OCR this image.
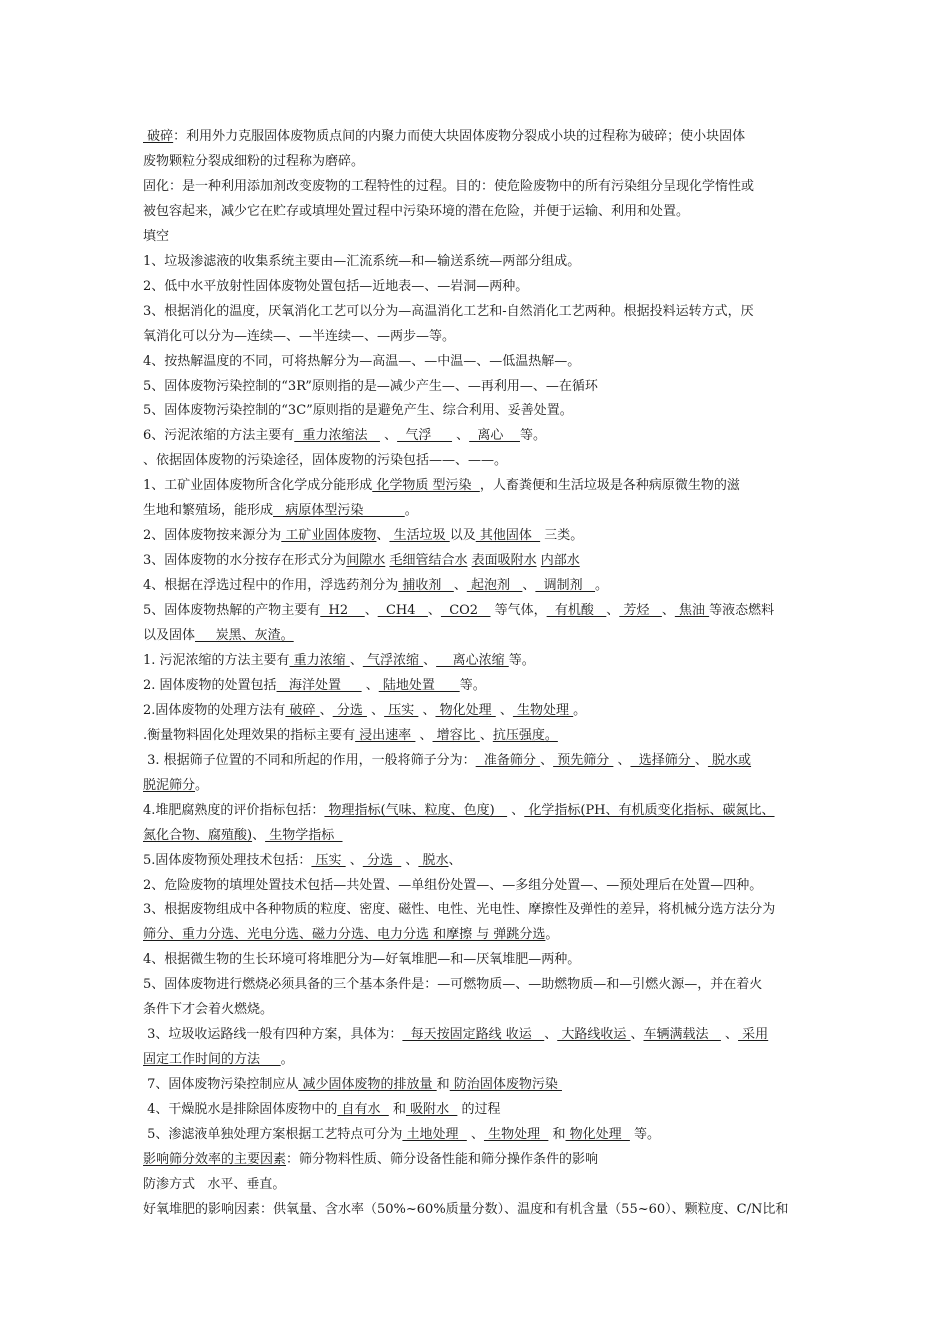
破碎：利用外力克服固体废物质点间的内聚力而使大块固体废物分裂成小块的过程称为破碎；使小块固体
废物颗粒分裂成细粉的过程称为磨碎。
固化：是一种利用添加剂改变废物的工程特性的过程。目的：使危险废物中的所有污染组分呈现化学惰性或
被包容起来，减少它在贮存或填埋处置过程中污染环境的潜在危险，并便于运输、利用和处置。
填空
1、垃圾渗滤液的收集系统主要由—汇流系统—和—输送系统—两部分组成。
2、低中水平放射性固体废物处置包括—近地表—、—岩洞—两种。
3、根据消化的温度，厌氧消化工艺可以分为—高温消化工艺和-自然消化工艺两种。根据投料运转方式，厌
氧消化可以分为—连续—、—半连续—、—两步—等。
4、按热解温度的不同，可将热解分为—高温—、—中温—、—低温热解—。
5、固体废物污染控制的“3R”原则指的是—减少产生—、—再利用—、—在循环
5、固体废物污染控制的“3C”原则指的是避免产生、综合利用、妥善处置。
6、污泥浓缩的方法主要有  重力浓缩法    、  气浮      、  离心    等。
、依据固体废物的污染途径，固体废物的污染包括——、——。
1、工矿业固体废物所含化学成分能形成 化学物质 型污染  ，人畜粪便和生活垃圾是各种病原微生物的滋
生地和繁殖场，能形成   病原体型污染          。
2、固体废物按来源分为 工矿业固体废物、 生活垃圾 以及 其他固体   三类。
3、固体废物的水分按存在形式分为间隙水 毛细管结合水 表面吸附水 内部水
4、根据在浮选过程中的作用，浮选药剂分为 捕收剂   、 起泡剂   、  调制剂   。
5、固体废物热解的产物主要有  H2    、  CH4   、  CO2    等气体，  有机酸   、 芳烃   、 焦油 等液态燃料
以及固体     炭黑、灰渣。
1. 污泥浓缩的方法主要有 重力浓缩 、 气浮浓缩 、    离心浓缩 等。
2. 固体废物的处置包括   海洋处置      、 陆地处置      等。
2.固体废物的处理方法有 破碎 、 分选  、 压实  、 物化处理  、 生物处理 。
.衡量物料固化处理效果的指标主要有 浸出速率  、 增容比 、抗压强度。
3. 根据筛子位置的不同和所起的作用，一般将筛子分为：  准备筛分 、 预先筛分  、  选择筛分 、 脱水或
脱泥筛分。
4.堆肥腐熟度的评价指标包括： 物理指标(气味、粒度、色度)    、 化学指标(PH、有机质变化指标、碳氮比、
氮化合物、腐殖酸)、 生物学指标
5.固体废物预处理技术包括： 压实  、 分选   、 脱水、
2、危险废物的填埋处置技术包括—共处置、—单组份处置—、—多组分处置—、—预处理后在处置—四种。
3、根据废物组成中各种物质的粒度、密度、磁性、电性、光电性、摩擦性及弹性的差异，将机械分选方法分为
筛分、重力分选、光电分选、磁力分选、电力分选 和摩擦 与 弹跳分选。
4、根据微生物的生长环境可将堆肥分为—好氧堆肥—和—厌氧堆肥—两种。
5、固体废物进行燃烧必须具备的三个基本条件是：—可燃物质—、—助燃物质—和—引燃火源—，并在着火
条件下才会着火燃烧。
3、垃圾收运路线一般有四种方案，具体为：  每天按固定路线 收运   、 大路线收运 、车辆满载法    、 采用
固定工作时间的方法     。
7、固体废物污染控制应从 减少固体废物的排放量 和 防治固体废物污染
4、干燥脱水是排除固体废物中的 自有水   和 吸附水   的过程
5、渗滤液单独处理方案根据工艺特点可分为 土地处理   、 生物处理   和 物化处理   等。
影响筛分效率的主要因素：筛分物料性质、筛分设备性能和筛分操作条件的影响
防渗方式   水平、垂直。
好氧堆肥的影响因素：供氧量、含水率（50%~60%质量分数）、温度和有机含量（55~60）、颗粒度、C/N比和
